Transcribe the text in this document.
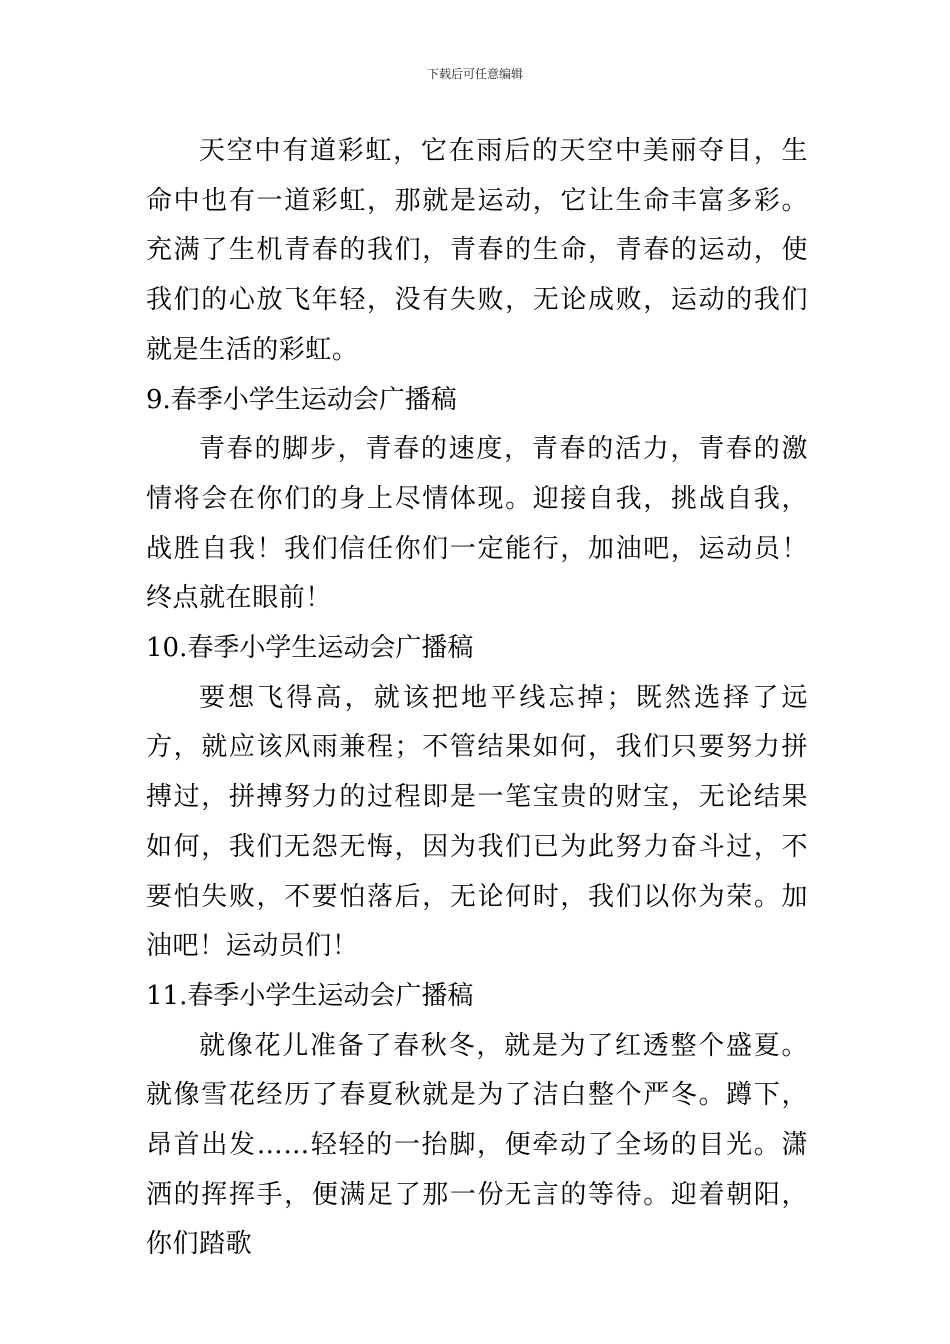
下载后可任意编辑

天空中有道彩虹，它在雨后的天空中美丽夺目，生命中也有一道彩虹，那就是运动，它让生命丰富多彩。充满了生机青春的我们，青春的生命，青春的运动，使我们的心放飞年轻，没有失败，无论成败，运动的我们就是生活的彩虹。

9.春季小学生运动会广播稿

青春的脚步，青春的速度，青春的活力，青春的激情将会在你们的身上尽情体现。迎接自我，挑战自我，战胜自我！我们信任你们一定能行，加油吧，运动员！终点就在眼前！

10.春季小学生运动会广播稿

要想飞得高，就该把地平线忘掉；既然选择了远方，就应该风雨兼程；不管结果如何，我们只要努力拼搏过，拼搏努力的过程即是一笔宝贵的财宝，无论结果如何，我们无怨无悔，因为我们已为此努力奋斗过，不要怕失败，不要怕落后，无论何时，我们以你为荣。加油吧！运动员们！

11.春季小学生运动会广播稿

就像花儿准备了春秋冬，就是为了红透整个盛夏。就像雪花经历了春夏秋就是为了洁白整个严冬。蹲下，昂首出发……轻轻的一抬脚，便牵动了全场的目光。潇洒的挥挥手，便满足了那一份无言的等待。迎着朝阳，你们踏歌
